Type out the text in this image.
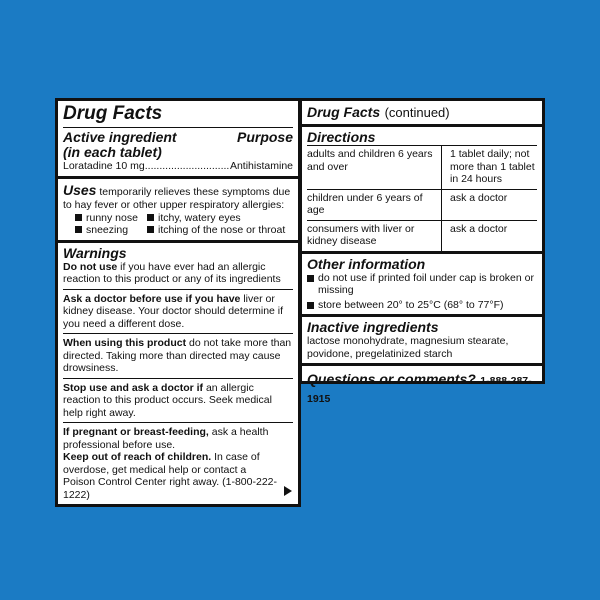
Drug Facts
Active ingredient	Purpose
(in each tablet)
Loratadine 10 mg .....	Antihistamine
Uses temporarily relieves these symptoms due to hay fever or other upper respiratory allergies:
runny nose	itchy, watery eyes
sneezing	itching of the nose or throat
Warnings
Do not use if you have ever had an allergic reaction to this product or any of its ingredients
Ask a doctor before use if you have liver or kidney disease. Your doctor should determine if you need a different dose.
When using this product do not take more than directed. Taking more than directed may cause drowsiness.
Stop use and ask a doctor if an allergic reaction to this product occurs. Seek medical help right away.
If pregnant or breast-feeding, ask a health professional before use.
Keep out of reach of children. In case of overdose, get medical help or contact a Poison Control Center right away. (1-800-222-1222)
Drug Facts (continued)
Directions
adults and children 6 years and over	1 tablet daily; not more than 1 tablet in 24 hours
children under 6 years of age	ask a doctor
consumers with liver or kidney disease	ask a doctor
Other information
do not use if printed foil under cap is broken or missing
store between 20° to 25°C (68° to 77°F)
Inactive ingredients
lactose monohydrate, magnesium stearate, povidone, pregelatinized starch
Questions or comments? 1-888-287-1915
